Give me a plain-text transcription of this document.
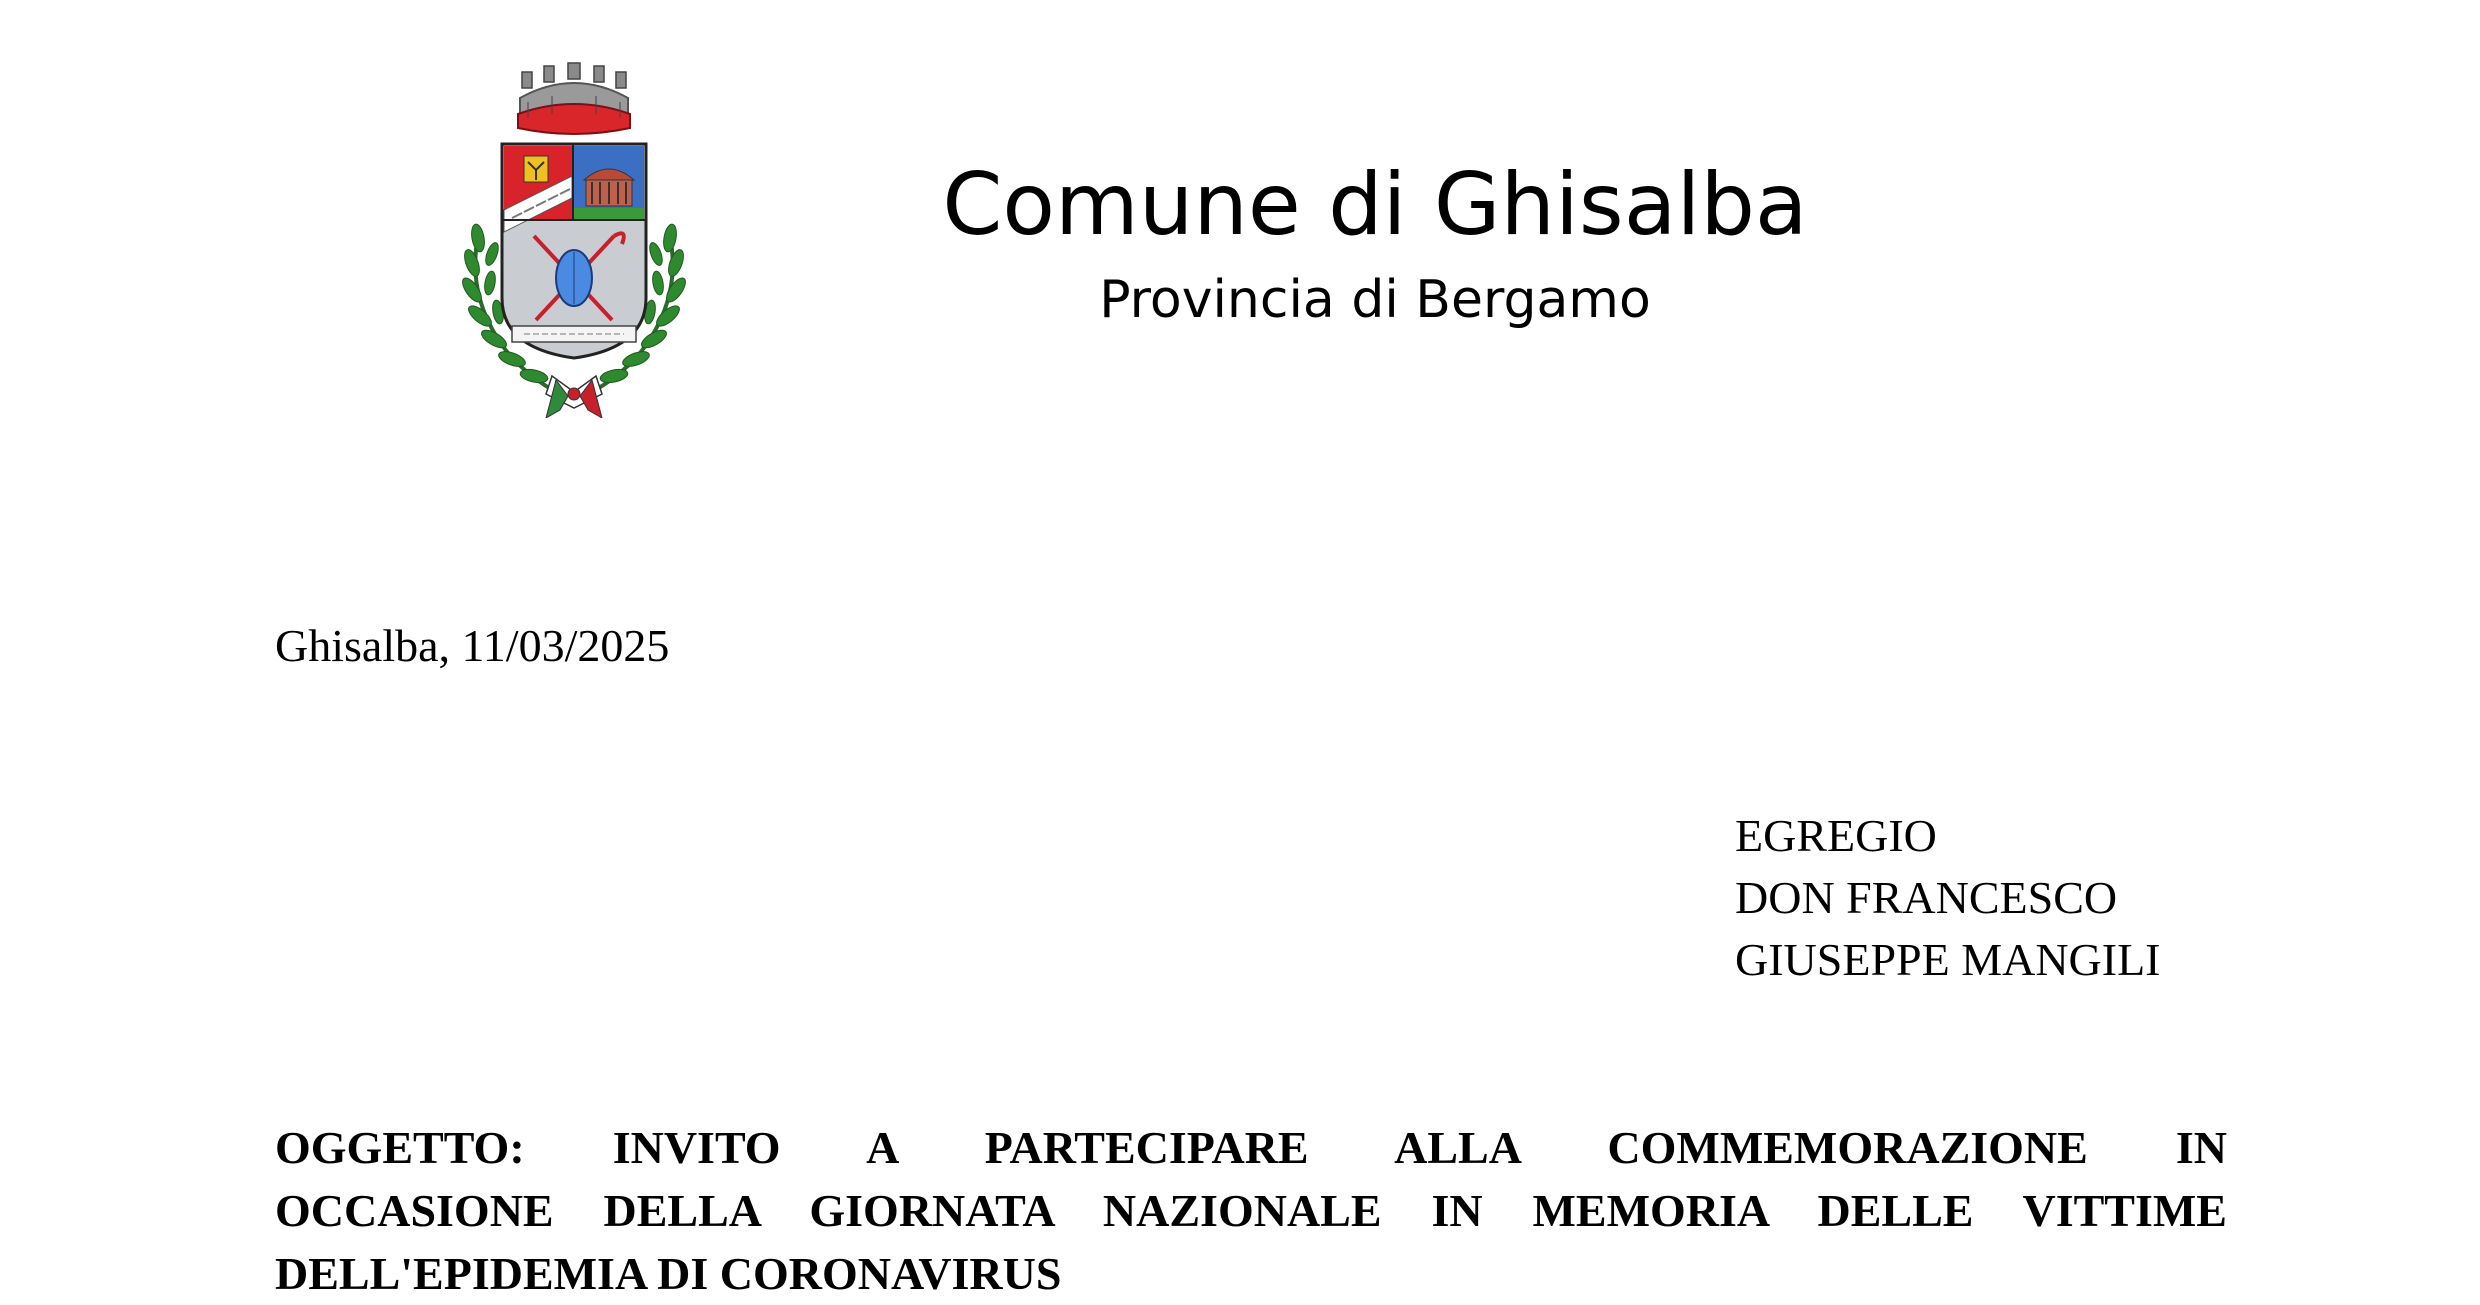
Comune di Ghisalba
Provincia di Bergamo
Ghisalba, 11/03/2025
EGREGIO
DON FRANCESCO
GIUSEPPE MANGILI
OGGETTO: INVITO A PARTECIPARE ALLA COMMEMORAZIONE IN
OCCASIONE DELLA GIORNATA NAZIONALE IN MEMORIA DELLE VITTIME
DELL'EPIDEMIA DI CORONAVIRUS
